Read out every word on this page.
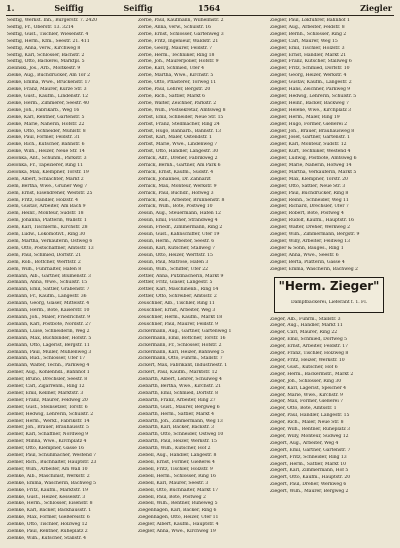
1.	Seiffig	Seiffig	1564	Ziegler
Seiffig, Werkst. Inh., Bürgerstr. 7. 2420
Seiffig, Fr., Oberstr. 13. 3214
Seiffig, Gust., Tischler, Wiesenstr. 4
Seiffig, Herm., Kfm., Seestr. 21. 411
Seiffig, Anna, verw., Kirchweg 8
Seiffig, Karl, Schlosser, Bachstr. 2
Seiffig, Otto, Bäckerei, Marktpl. 5
Zielinski, Jos., Arb., Moltkestr. 9
Zielke, Aug., Buchdrucker, Am Tor 2
Zielke, Emma, Wwe., Brückenstr. 17
Zielke, Franz, Maurer, Kurze Str. 3
Zielke, Gust., Kaufm., Lindenstr. 12
Zielke, Herm., Zimmerer, Seestr. 40
Zielke, Joh., Fabrikarb., Weg 16
Zielke, Karl, Rentner, Gartenstr. 5
Zielke, Marie, Näherin, Hofstr. 22
Zielke, Otto, Schneider, Mühlstr. 8
Zielke, Paul, Former, Feldstr. 31
Zielke, Rich., Kutscher, Bahnstr. 6
Zielke, Wilh., Heizer, Neue Str. 14
Zielonka, Ant., Schuhm., Parkstr. 3
Zielonka, Fr., Tapezierer, Ring 11
Zielonka, Max, Klempner, Torstr. 19
Ziem, Albert, Schlächter, Markt 2
Ziem, Bertha, Wwe., Grüner Weg 7
Ziem, Ernst, Eisendreher, Weststr. 25
Ziem, Fritz, Händler, Holzstr. 4
Ziem, Gustav, Arbeiter, Am Bach 9
Ziem, Heinr., Monteur, Südstr. 18
Ziem, Johanna, Plätterin, Wallstr. 1
Ziem, Karl, Tischlerm., Kirchstr. 28
Ziem, Ludw., Lokomotivf., Ring 30
Ziem, Martha, Verkäuferin, Ostweg 6
Ziem, Otto, Postschaffner, Amtsstr. 13
Ziem, Paul, Schmied, Dorfstr. 21
Ziem, Rob., Böttcher, Werftstr. 2
Ziem, Wilh., Fuhrhalter, Hafen 8
Ziemann, Alb., Gärtner, Blumenstr. 3
Ziemann, Anna, Wwe., Schulstr. 15
Ziemann, Emil, Sattler, Grabenstr. 7
Ziemann, Fr., Kaufm., Langestr. 36
Ziemann, Georg, Glaser, Mittelstr. 4
Ziemann, Herm., Bote, Kaiserstr. 10
Ziemann, Joh., Maler, Friedrichstr. 9
Ziemann, Karl, Postbote, Nordstr. 27
Ziemann, Luise, Schneiderin, Weg 2
Ziemann, Max, Buchbinder, Hofstr. 5
Ziemann, Otto, Lagerist, Bergstr. 11
Ziemann, Paul, Müller, Mühlenweg 3
Ziemann, Rud., Schlosser, Ufer 17
Ziemann, Walter, Techn., Parkweg 4
Ziemer, Aug., Kohlenhdl., Bahnhof 1
Ziemer, Bruno, Drechsler, Seestr. 8
Ziemer, Carl, Zigarrenm., Ring 12
Ziemer, Emil, Kellner, Marktstr. 3
Ziemer, Franz, Maurer, Feldweg 20
Ziemer, Gust., Steinsetzer, Torstr. 6
Ziemer, Hedwig, Lehrerin, Schulstr. 2
Ziemer, Herm., Werkf., Fabrikstr. 14
Ziemer, Joh., Brauer, Brauhausstr. 5
Ziemer, Karl, Schaffner, Nordweg 9
Ziemer, Minna, Wwe., Kirchplatz 4
Ziemer, Otto, Klempner, Gasse 16
Ziemer, Paul, Schuhmacher, Westend 7
Ziemer, Rich., Buchhalter, Hauptstr. 23
Ziemer, Wilh., Arbeiter, Am Wall 10
Ziemke, Alb., Maschinist, Werkstr. 2
Ziemke, Emma, Wäscherin, Bachweg 5
Ziemke, Fritz, Kaufm., Marktstr. 19
Ziemke, Gust., Heizer, Kesselstr. 3
Ziemke, Herm., Schlosser, Eisenstr. 8
Ziemke, Karl, Bäcker, Backhausstr. 1
Ziemke, Max, Former, Gießereistr. 6
Ziemke, Otto, Tischler, Holzweg 12
Ziemke, Paul, Rentner, Ruheplatz 2
Ziemke, Wilh., Kutscher, Stallstr. 4
Zerbe, Paul, Kaufmann, Wilhelmstr. 2
Zerbe, Anna, verw., Schulstr. 16
Zerbe, Ernst, Schlosser, Gartenweg 3
Zerbe, Fritz, Ingenieur, Waldstr. 21
Zerbe, Georg, Maurer, Feldstr. 7
Zerbe, Herm., Techniker, Ring 18
Zerbe, Joh., Maurerpolier, Hofstr. 9
Zerbe, Karl, Schmied, Ufer 4
Zerbe, Martha, Wwe., Kirchstr. 5
Zerbe, Otto, Pflasterer, Torweg 11
Zerbe, Paul, Lehrer, Bergstr. 20
Zerbe, Rich., Sattler, Markt 6
Zerbe, Walter, Zeichner, Parkstr. 2
Zerbe, Wilh., Postsekretär, Amtsweg 8
Zerbst, Emil, Schneider, Neue Str. 15
Zerbst, Franz, Stellmacher, Ring 24
Zerbst, Hugo, Bahnarb., Bahnstr. 13
Zerbst, Karl, Maler, Ostendstr. 1
Zerbst, Marie, Wwe., Lindenweg 7
Zerbst, Otto, Händler, Langestr. 30
Zernick, Alfr., Dreher, Fabrikweg 2
Zernick, Bernh., Gärtner, Am Park 6
Zernick, Ernst, Kaufm., Südstr. 4
Zernick, Johannes, Dr. Zahnarzt
Zernick, Max, Monteur, Werkstr. 9
Zernick, Paul, Buchdr., Hofweg 3
Zernick, Rud., Arbeiter, Brunnenstr. 8
Zernick, Wilh., Bote, Postweg 10
Zessin, Aug., Steuermann, Hafen 12
Zessin, Emil, Fischer, Strandweg 4
Zessin, Friedr., Zimmermann, Ring 2
Zessin, Gust., Kahnschiffer, Ufer 19
Zessin, Herm., Arbeiter, Seestr. 6
Zessin, Karl, Kutscher, Stallweg 7
Zessin, Otto, Heizer, Werftstr. 15
Zessin, Paul, Matrose, Hafen 3
Zessin, Wilh., Schiffer, Ufer 22
Zettler, Anna, Putzmacherin, Markt 9
Zettler, Fritz, Glaser, Langestr. 5
Zettler, Karl, Maschinenb., Ring 14
Zettler, Otto, Schreiber, Amtsstr. 2
Zeuschner, Alb., Tischler, Ring 11
Zeuschner, Ernst, Arbeiter, Weg 3
Zeuschner, Herm., Kaufm., Markt 18
Zeuschner, Paul, Maurer, Feldstr. 9
Zickermann, Aug., Gärtner, Gartenweg 1
Zickermann, Emil, Böttcher, Torstr. 16
Zickermann, Fr., Schlosser, Hofstr. 2
Zickermann, Karl, Heizer, Bahnweg 5
Zickermann, Otto, Fuhrm., Stallstr. 7
Zickert, Max, Fabrikant, Industriestr. 1
Zickert, Paul, Kaufm., Marktstr. 12
Ziebarth, Albert, Lehrer, Schulweg 4
Ziebarth, Bertha, Wwe., Kirchstr. 21
Ziebarth, Emil, Schmied, Dorfstr. 8
Ziebarth, Franz, Arbeiter, Ring 27
Ziebarth, Gust., Maurer, Bergweg 6
Ziebarth, Herm., Sattler, Markt 4
Ziebarth, Joh., Zimmermann, Weg 13
Ziebarth, Karl, Bäcker, Backstr. 3
Ziebarth, Otto, Schneider, Ostweg 10
Ziebarth, Paul, Heizer, Werkstr. 15
Ziebarth, Wilh., Kutscher, Hof 2
Ziebell, Aug., Händler, Langestr. 8
Ziebell, Ernst, Former, Gießerei 4
Ziebell, Fritz, Tischler, Holzstr. 9
Ziebell, Herm., Schlosser, Ring 16
Ziebell, Karl, Maurer, Seestr. 3
Ziebell, Otto, Buchhalter, Markt 17
Ziebell, Paul, Bote, Postweg 2
Ziebell, Wilh., Rentner, Ruheweg 5
Ziegenhagen, Karl, Bäcker, Ring 6
Ziegenhagen, Otto, Heizer, Ufer 11
Ziegler, Albert, Kaufm., Hauptstr. 4
Ziegler, Anna, Wwe., Kirchweg 19
Ziegler, Paul, Lokführer, Bahnhof 1
Ziegler, Aug., Arbeiter, Feldstr. 8
Ziegler, Bernh., Schlosser, Ring 2
Ziegler, Carl, Maurer, Weg 15
Ziegler, Emil, Tischler, Holzstr. 3
Ziegler, Ernst, Händler, Markt 21
Ziegler, Franz, Kutscher, Stallweg 6
Ziegler, Fritz, Schmied, Dorfstr. 10
Ziegler, Georg, Heizer, Werkstr. 4
Ziegler, Gustav, Kaufm., Langestr. 2
Ziegler, Hans, Zeichner, Parkweg 9
Ziegler, Hedwig, Lehrerin, Schulstr. 5
Ziegler, Heinr., Bäcker, Backweg 7
Ziegler, Helene, Wwe., Kirchplatz 3
Ziegler, Herm., Maler, Ring 19
Ziegler, Hugo, Former, Gießerei 2
Ziegler, Joh., Brauer, Brauhausweg 8
Ziegler, Josef, Gärtner, Gartenstr. 1
Ziegler, Karl, Monteur, Südstr. 12
Ziegler, Kurt, Techniker, Westend 4
Ziegler, Ludwig, Postbote, Amtsweg 6
Ziegler, Marie, Näherin, Hofweg 14
Ziegler, Martha, Verkäuferin, Markt 5
Ziegler, Max, Klempner, Torstr. 20
Ziegler, Otto, Sattler, Neue Str. 3
Ziegler, Paul, Buchdrucker, Ring 8
Ziegler, Reinh., Schneider, Weg 11
Ziegler, Richard, Drechsler, Ufer 7
Ziegler, Robert, Bote, Postweg 4
Ziegler, Rudolf, Kaufm., Hauptstr. 16
Ziegler, Walter, Dreher, Werkweg 2
Ziegler, Wilh., Zimmermann, Bergstr. 9
Ziegler, Willy, Arbeiter, Feldweg 13
Ziegler & Sohn, Bauges., Ring 1
Ziegler, Anna, Wwe., Seestr. 6
Ziegler, Berta, Plätterin, Gasse 4
Ziegler, Emma, Wäscherin, Bachweg 2
"Herm. Zieger"
Dampfbäckerei, Lieferant f. 1. Fl.
Zieger, Alb., Fuhrm., Stallstr. 3
Zieger, Aug., Händler, Markt 11
Zieger, Carl, Maurer, Ring 22
Zieger, Emil, Schmied, Dorfweg 5
Zieger, Ernst, Arbeiter, Feldstr. 17
Zieger, Franz, Tischler, Holzweg 8
Zieger, Fritz, Heizer, Werkstr. 10
Zieger, Gust., Kutscher, Hof 6
Zieger, Herm., Bäckermstr., Markt 2
Zieger, Joh., Schlosser, Ring 30
Zieger, Karl, Lagerist, Speicher 4
Zieger, Marie, Wwe., Kirchstr. 9
Zieger, Max, Former, Gießerei 7
Zieger, Otto, Bote, Amtsstr. 1
Zieger, Paul, Händler, Langestr. 15
Zieger, Rich., Maler, Neue Str. 8
Zieger, Wilh., Rentner, Ruheplatz 3
Zieger, Willy, Monteur, Südweg 12
Ziegert, Aug., Arbeiter, Weg 4
Ziegert, Emil, Gärtner, Gartenstr. 7
Ziegert, Fritz, Schneider, Ring 13
Ziegert, Herm., Sattler, Markt 10
Ziegert, Karl, Zimmermann, Hof 5
Ziegert, Otto, Kaufm., Hauptstr. 20
Ziegert, Paul, Dreher, Werkweg 6
Ziegert, Wilh., Maurer, Bergweg 2
